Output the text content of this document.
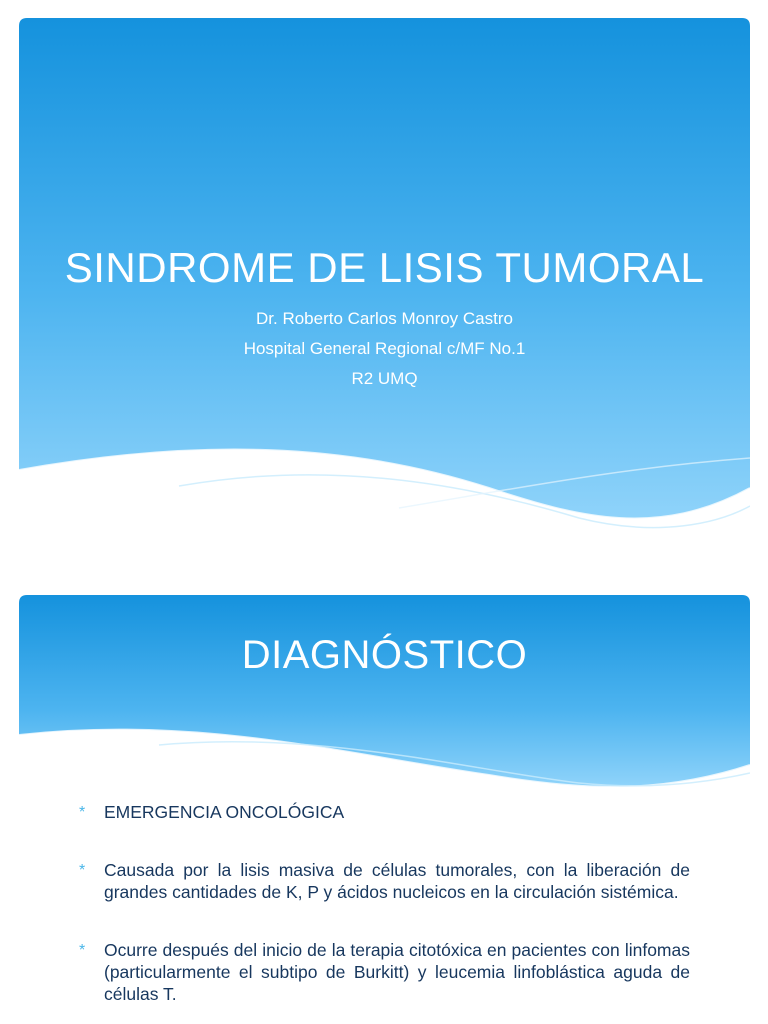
SINDROME DE LISIS TUMORAL
Dr. Roberto Carlos Monroy Castro
Hospital General Regional c/MF No.1
R2 UMQ
DIAGNÓSTICO
* EMERGENCIA ONCOLÓGICA
* Causada por la lisis masiva de células tumorales, con la liberación de grandes cantidades de K, P y ácidos nucleicos en la circulación sistémica.
* Ocurre después del inicio de la terapia citotóxica en pacientes con linfomas (particularmente el subtipo de Burkitt) y leucemia linfoblástica aguda de células T.
